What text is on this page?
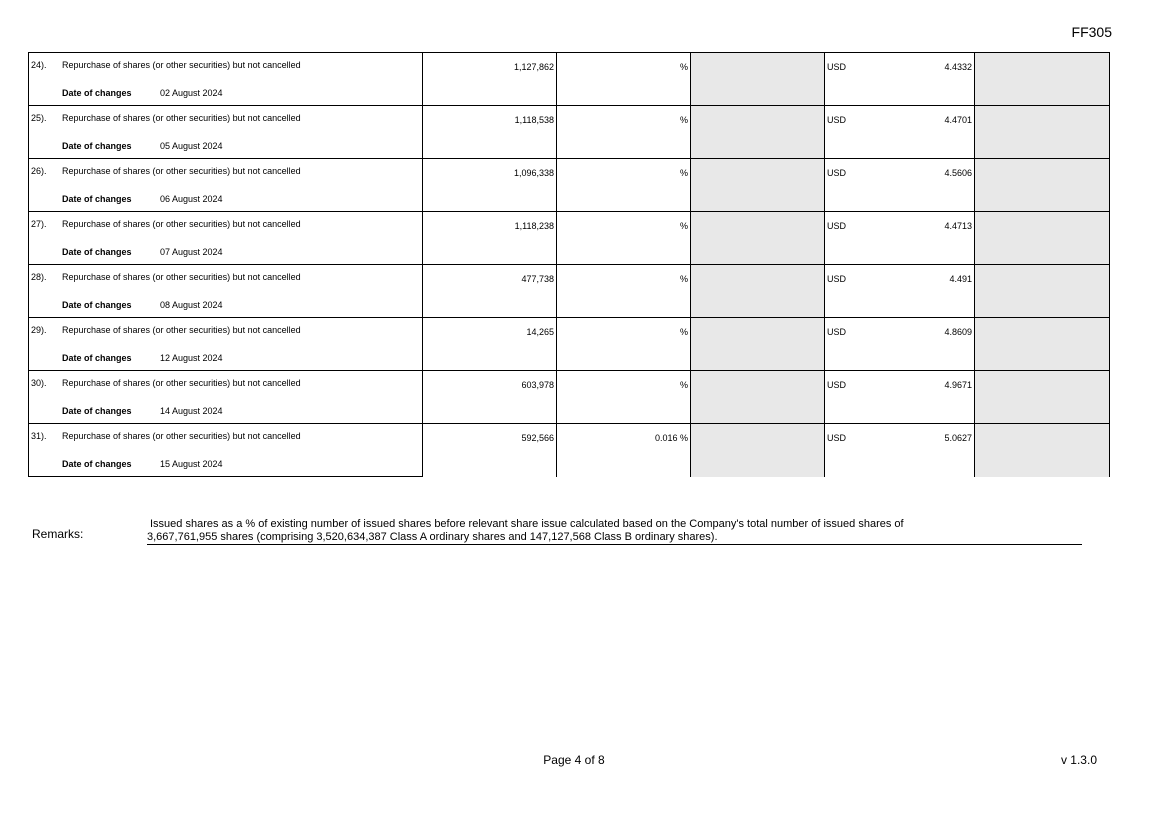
FF305
24). Repurchase of shares (or other securities) but not cancelled	1,127,862	%		USD 4.4332	

Date of changes 02 August 2024					

25). Repurchase of shares (or other securities) but not cancelled	1,118,538	%		USD 4.4701	

Date of changes 05 August 2024					

26). Repurchase of shares (or other securities) but not cancelled	1,096,338	%		USD 4.5606	

Date of changes 06 August 2024					

27). Repurchase of shares (or other securities) but not cancelled	1,118,238	%		USD 4.4713	

Date of changes 07 August 2024					

28). Repurchase of shares (or other securities) but not cancelled	477,738	%		USD 4.491	

Date of changes 08 August 2024					

29). Repurchase of shares (or other securities) but not cancelled	14,265	%		USD 4.8609	

Date of changes 12 August 2024					

30). Repurchase of shares (or other securities) but not cancelled	603,978	%		USD 4.9671	

Date of changes 14 August 2024					

31). Repurchase of shares (or other securities) but not cancelled	592,566	0.016 %		USD 5.0627	

Date of changes 15 August 2024					
Remarks:
Issued shares as a % of existing number of issued shares before relevant share issue calculated based on the Company's total number of issued shares of
3,667,761,955 shares (comprising 3,520,634,387 Class A ordinary shares and 147,127,568 Class B ordinary shares).
Page 4 of 8	v 1.3.0
